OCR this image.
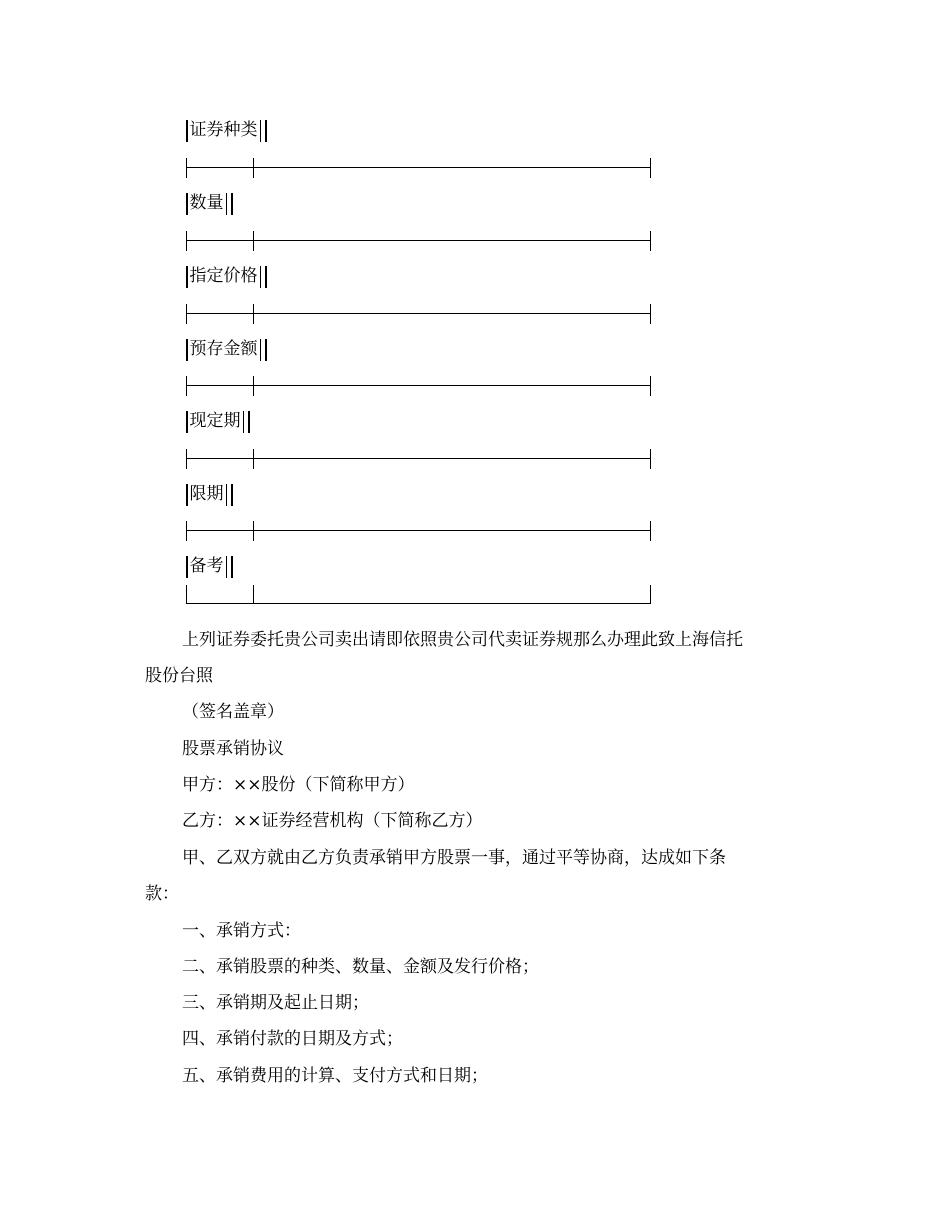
证券种类
数量
指定价格
预存金额
现定期
限期
备考
上列证券委托贵公司卖出请即依照贵公司代卖证券规那么办理此致上海信托
股份台照
（签名盖章）
股票承销协议
甲方：××股份（下简称甲方）
乙方：××证券经营机构（下简称乙方）
甲、乙双方就由乙方负责承销甲方股票一事，通过平等协商，达成如下条
款：
一、承销方式：
二、承销股票的种类、数量、金额及发行价格；
三、承销期及起止日期；
四、承销付款的日期及方式；
五、承销费用的计算、支付方式和日期；
